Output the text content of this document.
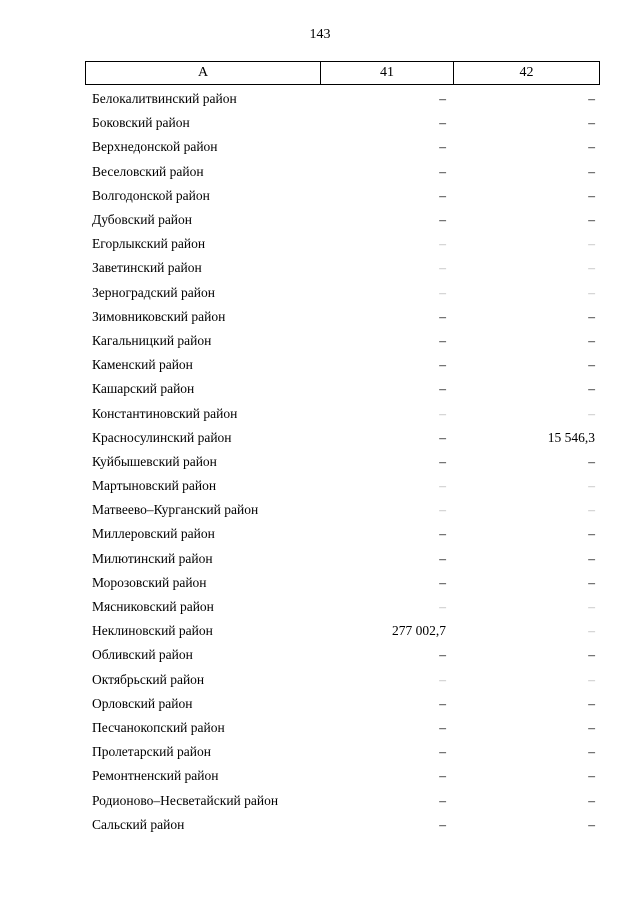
143
А	41	42
Белокалитвинский район	–	–
Боковский район	–	–
Верхнедонской район	–	–
Веселовский район	–	–
Волгодонской район	–	–
Дубовский район	–	–
Егорлыкский район	–	–
Заветинский район	–	–
Зерноградский район	–	–
Зимовниковский район	–	–
Кагальницкий район	–	–
Каменский район	–	–
Кашарский район	–	–
Константиновский район	–	–
Красносулинский район	–	15 546,3
Куйбышевский район	–	–
Мартыновский район	–	–
Матвеево–Курганский район	–	–
Миллеровский район	–	–
Милютинский район	–	–
Морозовский район	–	–
Мясниковский район	–	–
Неклиновский район	277 002,7	–
Обливский район	–	–
Октябрьский район	–	–
Орловский район	–	–
Песчанокопский район	–	–
Пролетарский район	–	–
Ремонтненский район	–	–
Родионово–Несветайский район	–	–
Сальский район	–	–
